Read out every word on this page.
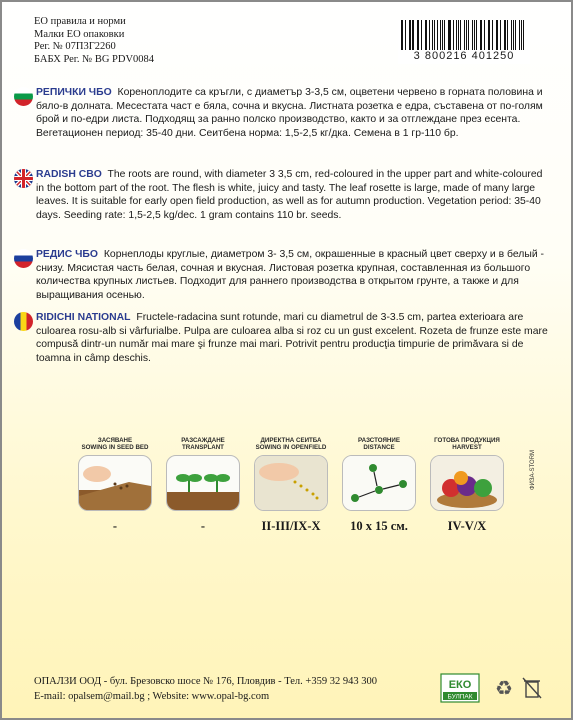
ЕО правила и норми
Малки ЕО опаковки
Рег. № 07П3Г2260
БАБХ Рег. № BG PDV0084	3 800216 401250
РЕПИЧКИ ЧБО Кореноплодите са кръгли, с диаметър 3-3,5 см, оцветени червено в горната половина и бяло-в долната. Месестата част е бяла, сочна и вкусна. Листната розетка е едра, съставена от по-голям брой и по-едри листа. Подходящ за ранно полско производство, както и за отглеждане през есента. Вегетационен период: 35-40 дни. Сеитбена норма: 1,5-2,5 кг/дка. Семена в 1 гр-110 бр.
RADISH CBO The roots are round, with diameter 3 3,5 cm, red-coloured in the upper part and white-coloured in the bottom part of the root. The flesh is white, juicy and tasty. The leaf rosette is large, made of many large leaves. It is suitable for early open field production, as well as for autumn production. Vegetation period: 35-40 days. Seeding rate: 1,5-2,5 kg/dec. 1 gram contains 110 br. seeds.
РЕДИС ЧБО Корнеплоды круглые, диаметром 3- 3,5 см, окрашенные в красный цвет сверху и в белый - снизу. Мясистая часть белая, сочная и вкусная. Листовая розетка крупная, составленная из большого количества крупных листьев. Подходит для раннего производства в открытом грунте, а также и для выращивания осенью.
RIDICHI NATIONAL Fructele-radacina sunt rotunde, mari cu diametrul de 3-3.5 cm, partea exterioara are culoarea rosu-alb si vârfurialbe. Pulpa are culoarea alba si roz cu un gust excelent. Rozeta de frunze este mare compusă dintr-un număr mai mare şi frunze mai mari. Potrivit pentru producţia timpurie de primăvara si de toamna in câmp deschis.
ЗАСЯВАНЕ
SOWING IN SEED BED
-
РАЗСАЖДАНЕ
TRANSPLANT
-
ДИРЕКТНА СЕИТБА
SOWING IN OPENFIELD
II-III/IX-X
РАЗСТОЯНИЕ
DISTANCE
10 x 15 см.
ГОТОВА ПРОДУКЦИЯ
HARVEST
IV-V/X
ФИЗА-STORM
ОПАЛЗИ ООД - бул. Брезовско шосе № 176, Пловдив - Тел. +359 32 943 300
E-mail: opalsem@mail.bg ; Website: www.opal-bg.com
ЕКО
БУЛПАК ♻
